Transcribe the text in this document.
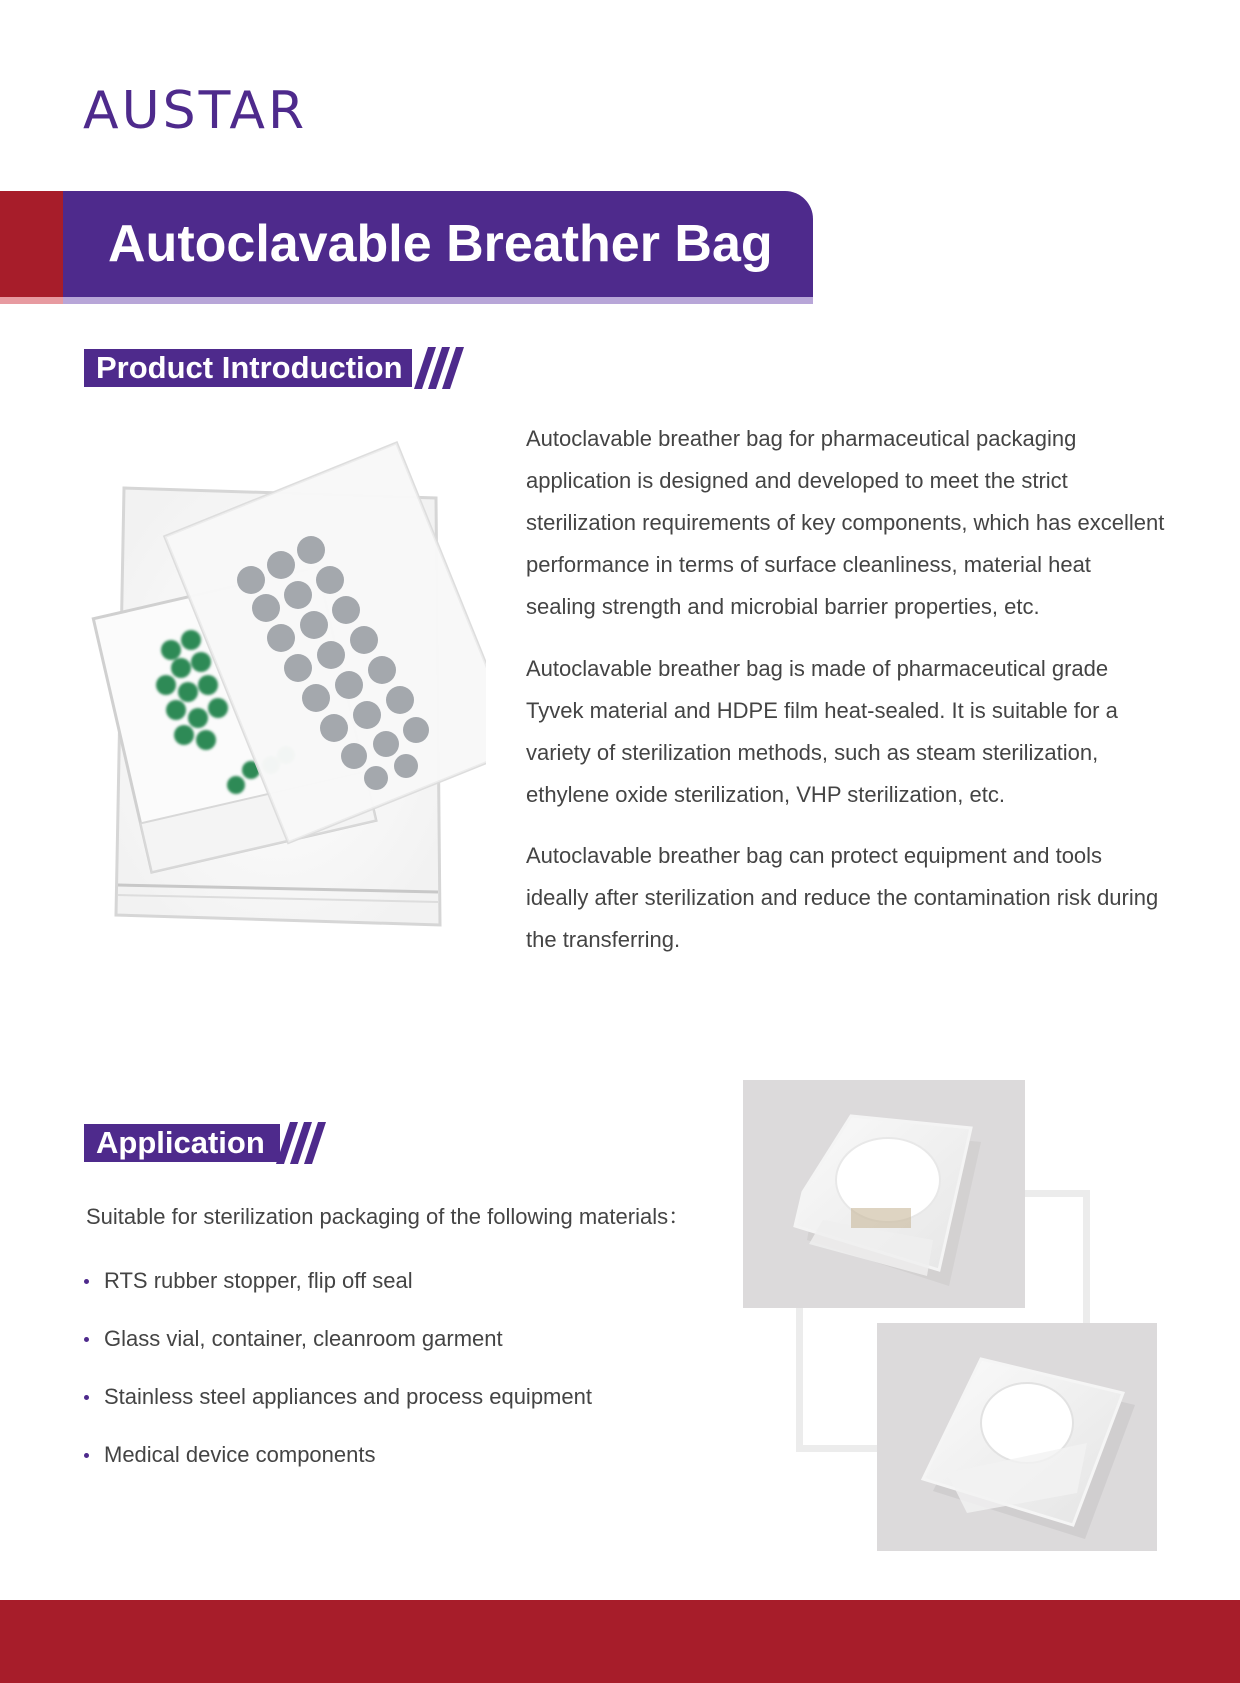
AUSTAR
Autoclavable Breather Bag
Product Introduction

Autoclavable breather bag for pharmaceutical packaging application is designed and developed to meet the strict sterilization requirements of key components, which has excellent performance in terms of surface cleanliness, material heat sealing strength and microbial barrier properties, etc.

Autoclavable breather bag is made of pharmaceutical grade Tyvek material and HDPE film heat-sealed. It is suitable for a variety of sterilization methods, such as steam sterilization, ethylene oxide sterilization, VHP sterilization, etc.

Autoclavable breather bag can protect equipment and tools ideally after sterilization and reduce the contamination risk during the transferring.

Application
Suitable for sterilization packaging of the following materials：
RTS rubber stopper, flip off seal
Glass vial, container, cleanroom garment
Stainless steel appliances and process equipment
Medical device components
